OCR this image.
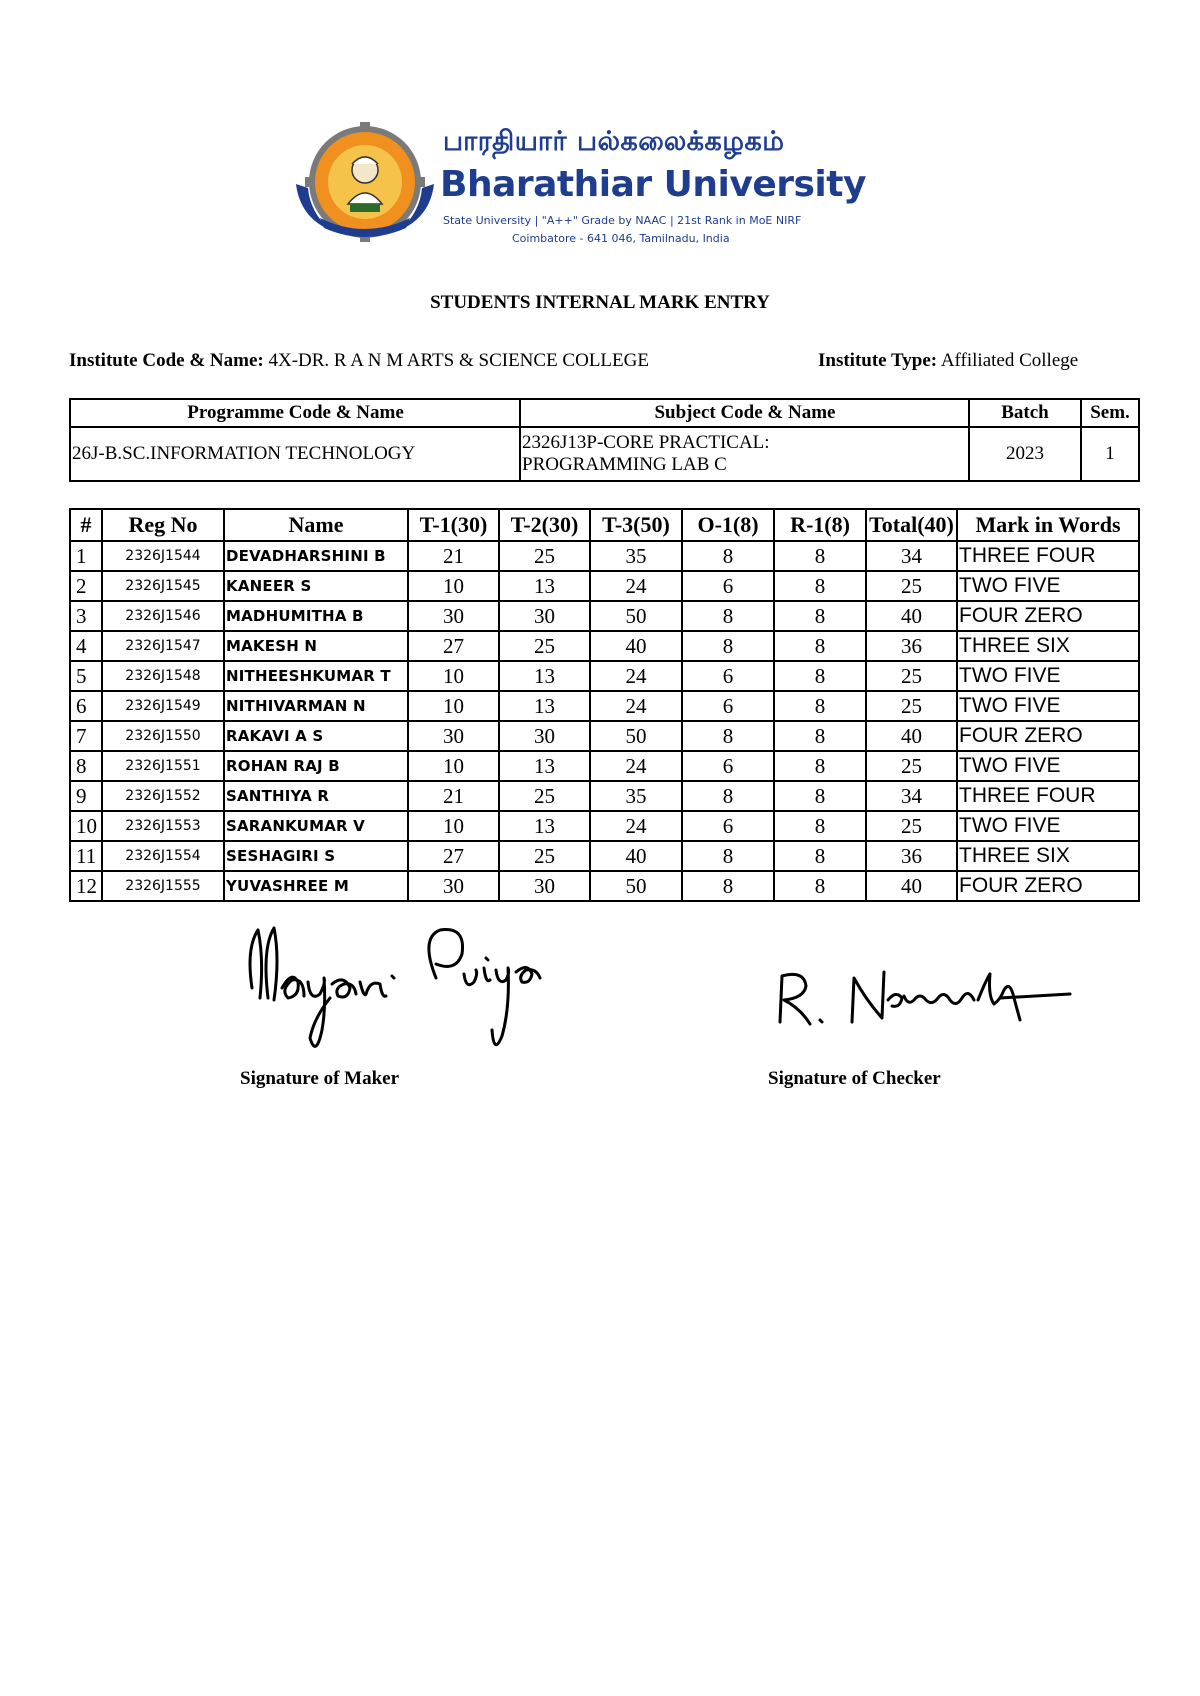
பாரதியார் பல்கலைக்கழகம்
Bharathiar University
State University | "A++" Grade by NAAC | 21st Rank in MoE NIRF
Coimbatore - 641 046, Tamilnadu, India
STUDENTS INTERNAL MARK ENTRY
Institute Code & Name: 4X-DR. R A N M ARTS & SCIENCE COLLEGE	Institute Type: Affiliated College
Programme Code & Name	Subject Code & Name	Batch	Sem.
26J-B.SC.INFORMATION TECHNOLOGY	2326J13P-CORE PRACTICAL:
PROGRAMMING LAB C	2023	1
#	Reg No	Name	T-1(30)	T-2(30)	T-3(50)	O-1(8)	R-1(8)	Total(40)	Mark in Words
1	2326J1544	DEVADHARSHINI B	21	25	35	8	8	34	THREE FOUR
2	2326J1545	KANEER S	10	13	24	6	8	25	TWO FIVE
3	2326J1546	MADHUMITHA B	30	30	50	8	8	40	FOUR ZERO
4	2326J1547	MAKESH N	27	25	40	8	8	36	THREE SIX
5	2326J1548	NITHEESHKUMAR T	10	13	24	6	8	25	TWO FIVE
6	2326J1549	NITHIVARMAN N	10	13	24	6	8	25	TWO FIVE
7	2326J1550	RAKAVI A S	30	30	50	8	8	40	FOUR ZERO
8	2326J1551	ROHAN RAJ B	10	13	24	6	8	25	TWO FIVE
9	2326J1552	SANTHIYA R	21	25	35	8	8	34	THREE FOUR
10	2326J1553	SARANKUMAR V	10	13	24	6	8	25	TWO FIVE
11	2326J1554	SESHAGIRI S	27	25	40	8	8	36	THREE SIX
12	2326J1555	YUVASHREE M	30	30	50	8	8	40	FOUR ZERO
Signature of Maker	Signature of Checker
